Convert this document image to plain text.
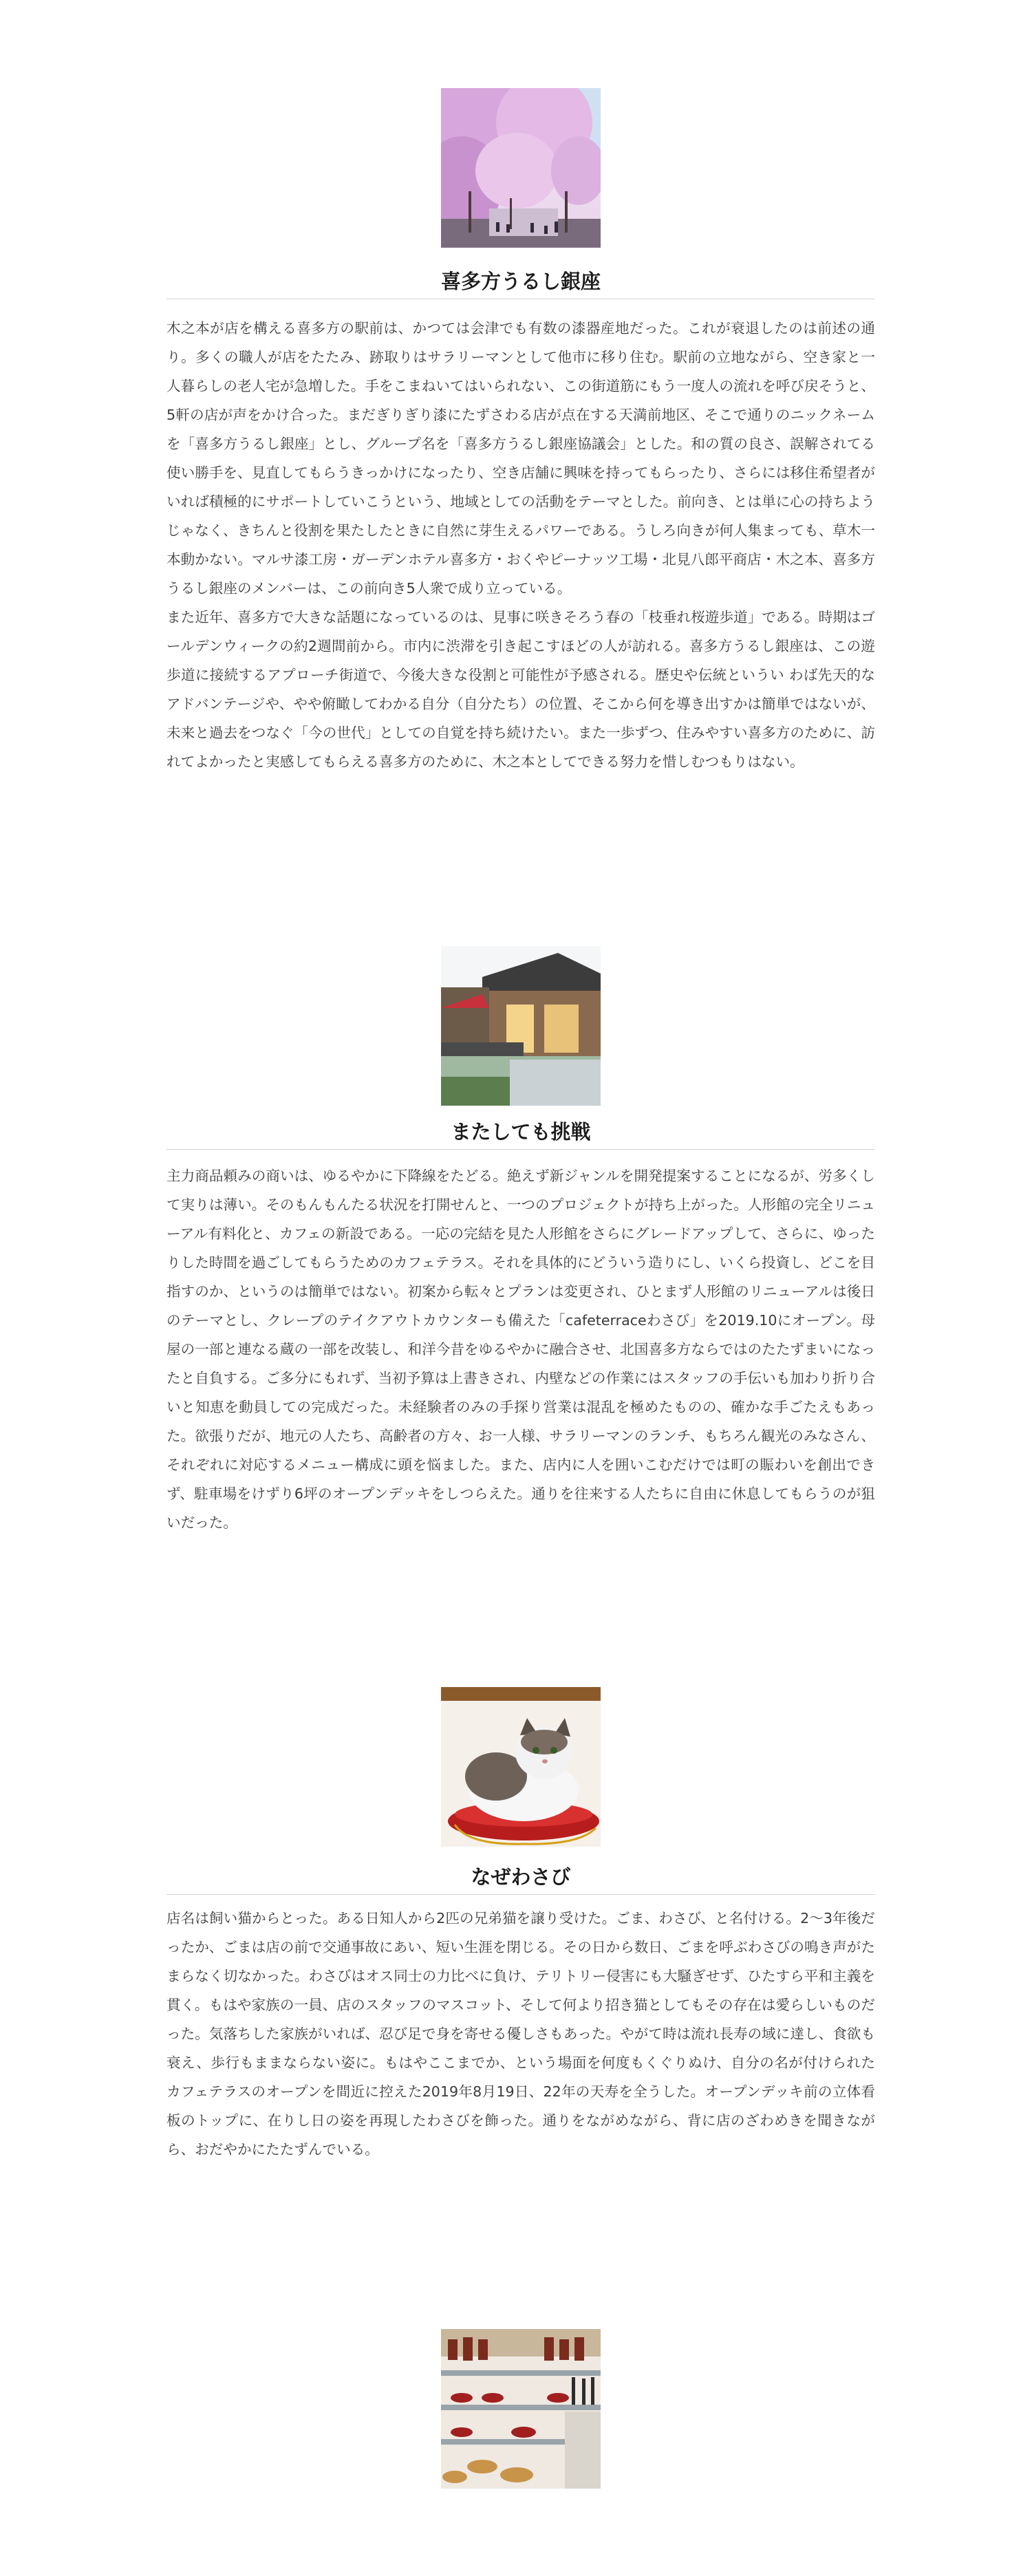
喜多方うるし銀座

木之本が店を構える喜多方の駅前は、かつては会津でも有数の漆器産地だった。これが衰退したのは前述の通り。多くの職人が店をたたみ、跡取りはサラリーマンとして他市に移り住む。駅前の立地ながら、空き家と一人暮らしの老人宅が急増した。手をこまねいてはいられない、この街道筋にもう一度人の流れを呼び戻そうと、5軒の店が声をかけ合った。まだぎりぎり漆にたずさわる店が点在する天満前地区、そこで通りのニックネームを「喜多方うるし銀座」とし、グループ名を「喜多方うるし銀座協議会」とした。和の質の良さ、誤解されてる使い勝手を、見直してもらうきっかけになったり、空き店舗に興味を持ってもらったり、さらには移住希望者がいれば積極的にサポートしていこうという、地域としての活動をテーマとした。前向き、とは単に心の持ちようじゃなく、きちんと役割を果たしたときに自然に芽生えるパワーである。うしろ向きが何人集まっても、草木一本動かない。マルサ漆工房・ガーデンホテル喜多方・おくやピーナッツ工場・北見八郎平商店・木之本、喜多方うるし銀座のメンバーは、この前向き5人衆で成り立っている。

また近年、喜多方で大きな話題になっているのは、見事に咲きそろう春の「枝垂れ桜遊歩道」である。時期はゴールデンウィークの約2週間前から。市内に渋滞を引き起こすほどの人が訪れる。喜多方うるし銀座は、この遊歩道に接続するアプローチ街道で、今後大きな役割と可能性が予感される。歴史や伝統というい わば先天的なアドバンテージや、やや俯瞰してわかる自分（自分たち）の位置、そこから何を導き出すかは簡単ではないが、未来と過去をつなぐ「今の世代」としての自覚を持ち続けたい。また一歩ずつ、住みやすい喜多方のために、訪れてよかったと実感してもらえる喜多方のために、木之本としてできる努力を惜しむつもりはない。

またしても挑戦

主力商品頼みの商いは、ゆるやかに下降線をたどる。絶えず新ジャンルを開発提案することになるが、労多くして実りは薄い。そのもんもんたる状況を打開せんと、一つのプロジェクトが持ち上がった。人形館の完全リニューアル有料化と、カフェの新設である。一応の完結を見た人形館をさらにグレードアップして、さらに、ゆったりした時間を過ごしてもらうためのカフェテラス。それを具体的にどういう造りにし、いくら投資し、どこを目指すのか、というのは簡単ではない。初案から転々とプランは変更され、ひとまず人形館のリニューアルは後日のテーマとし、クレープのテイクアウトカウンターも備えた「cafeterraceわさび」を2019.10にオープン。母屋の一部と連なる蔵の一部を改装し、和洋今昔をゆるやかに融合させ、北国喜多方ならではのたたずまいになったと自負する。ご多分にもれず、当初予算は上書きされ、内壁などの作業にはスタッフの手伝いも加わり折り合いと知恵を動員しての完成だった。未経験者のみの手探り営業は混乱を極めたものの、確かな手ごたえもあった。欲張りだが、地元の人たち、高齢者の方々、お一人様、サラリーマンのランチ、もちろん観光のみなさん、それぞれに対応するメニュー構成に頭を悩ました。また、店内に人を囲いこむだけでは町の賑わいを創出できず、駐車場をけずり6坪のオープンデッキをしつらえた。通りを往来する人たちに自由に休息してもらうのが狙いだった。

なぜわさび

店名は飼い猫からとった。ある日知人から2匹の兄弟猫を譲り受けた。ごま、わさび、と名付ける。2〜3年後だったか、ごまは店の前で交通事故にあい、短い生涯を閉じる。その日から数日、ごまを呼ぶわさびの鳴き声がたまらなく切なかった。わさびはオス同士の力比べに負け、テリトリー侵害にも大騒ぎせず、ひたすら平和主義を貫く。もはや家族の一員、店のスタッフのマスコット、そして何より招き猫としてもその存在は愛らしいものだった。気落ちした家族がいれば、忍び足で身を寄せる優しさもあった。やがて時は流れ長寿の域に達し、食欲も衰え、歩行もままならない姿に。もはやここまでか、という場面を何度もくぐりぬけ、自分の名が付けられたカフェテラスのオープンを間近に控えた2019年8月19日、22年の天寿を全うした。オープンデッキ前の立体看板のトップに、在りし日の姿を再現したわさびを飾った。通りをながめながら、背に店のざわめきを聞きながら、おだやかにたたずんでいる。
